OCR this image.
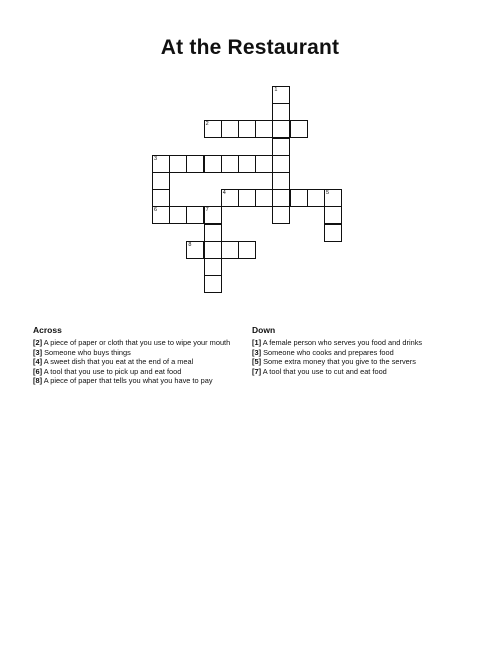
At the Restaurant
1
2
3
6
4	5
7
8
Across
[2] A piece of paper or cloth that you use to wipe your mouth
[3] Someone who buys things
[4] A sweet dish that you eat at the end of a meal
[6] A tool that you use to pick up and eat food
[8] A piece of paper that tells you what you have to pay
Down
[1] A female person who serves you food and drinks
[3] Someone who cooks and prepares food
[5] Some extra money that you give to the servers
[7] A tool that you use to cut and eat food
